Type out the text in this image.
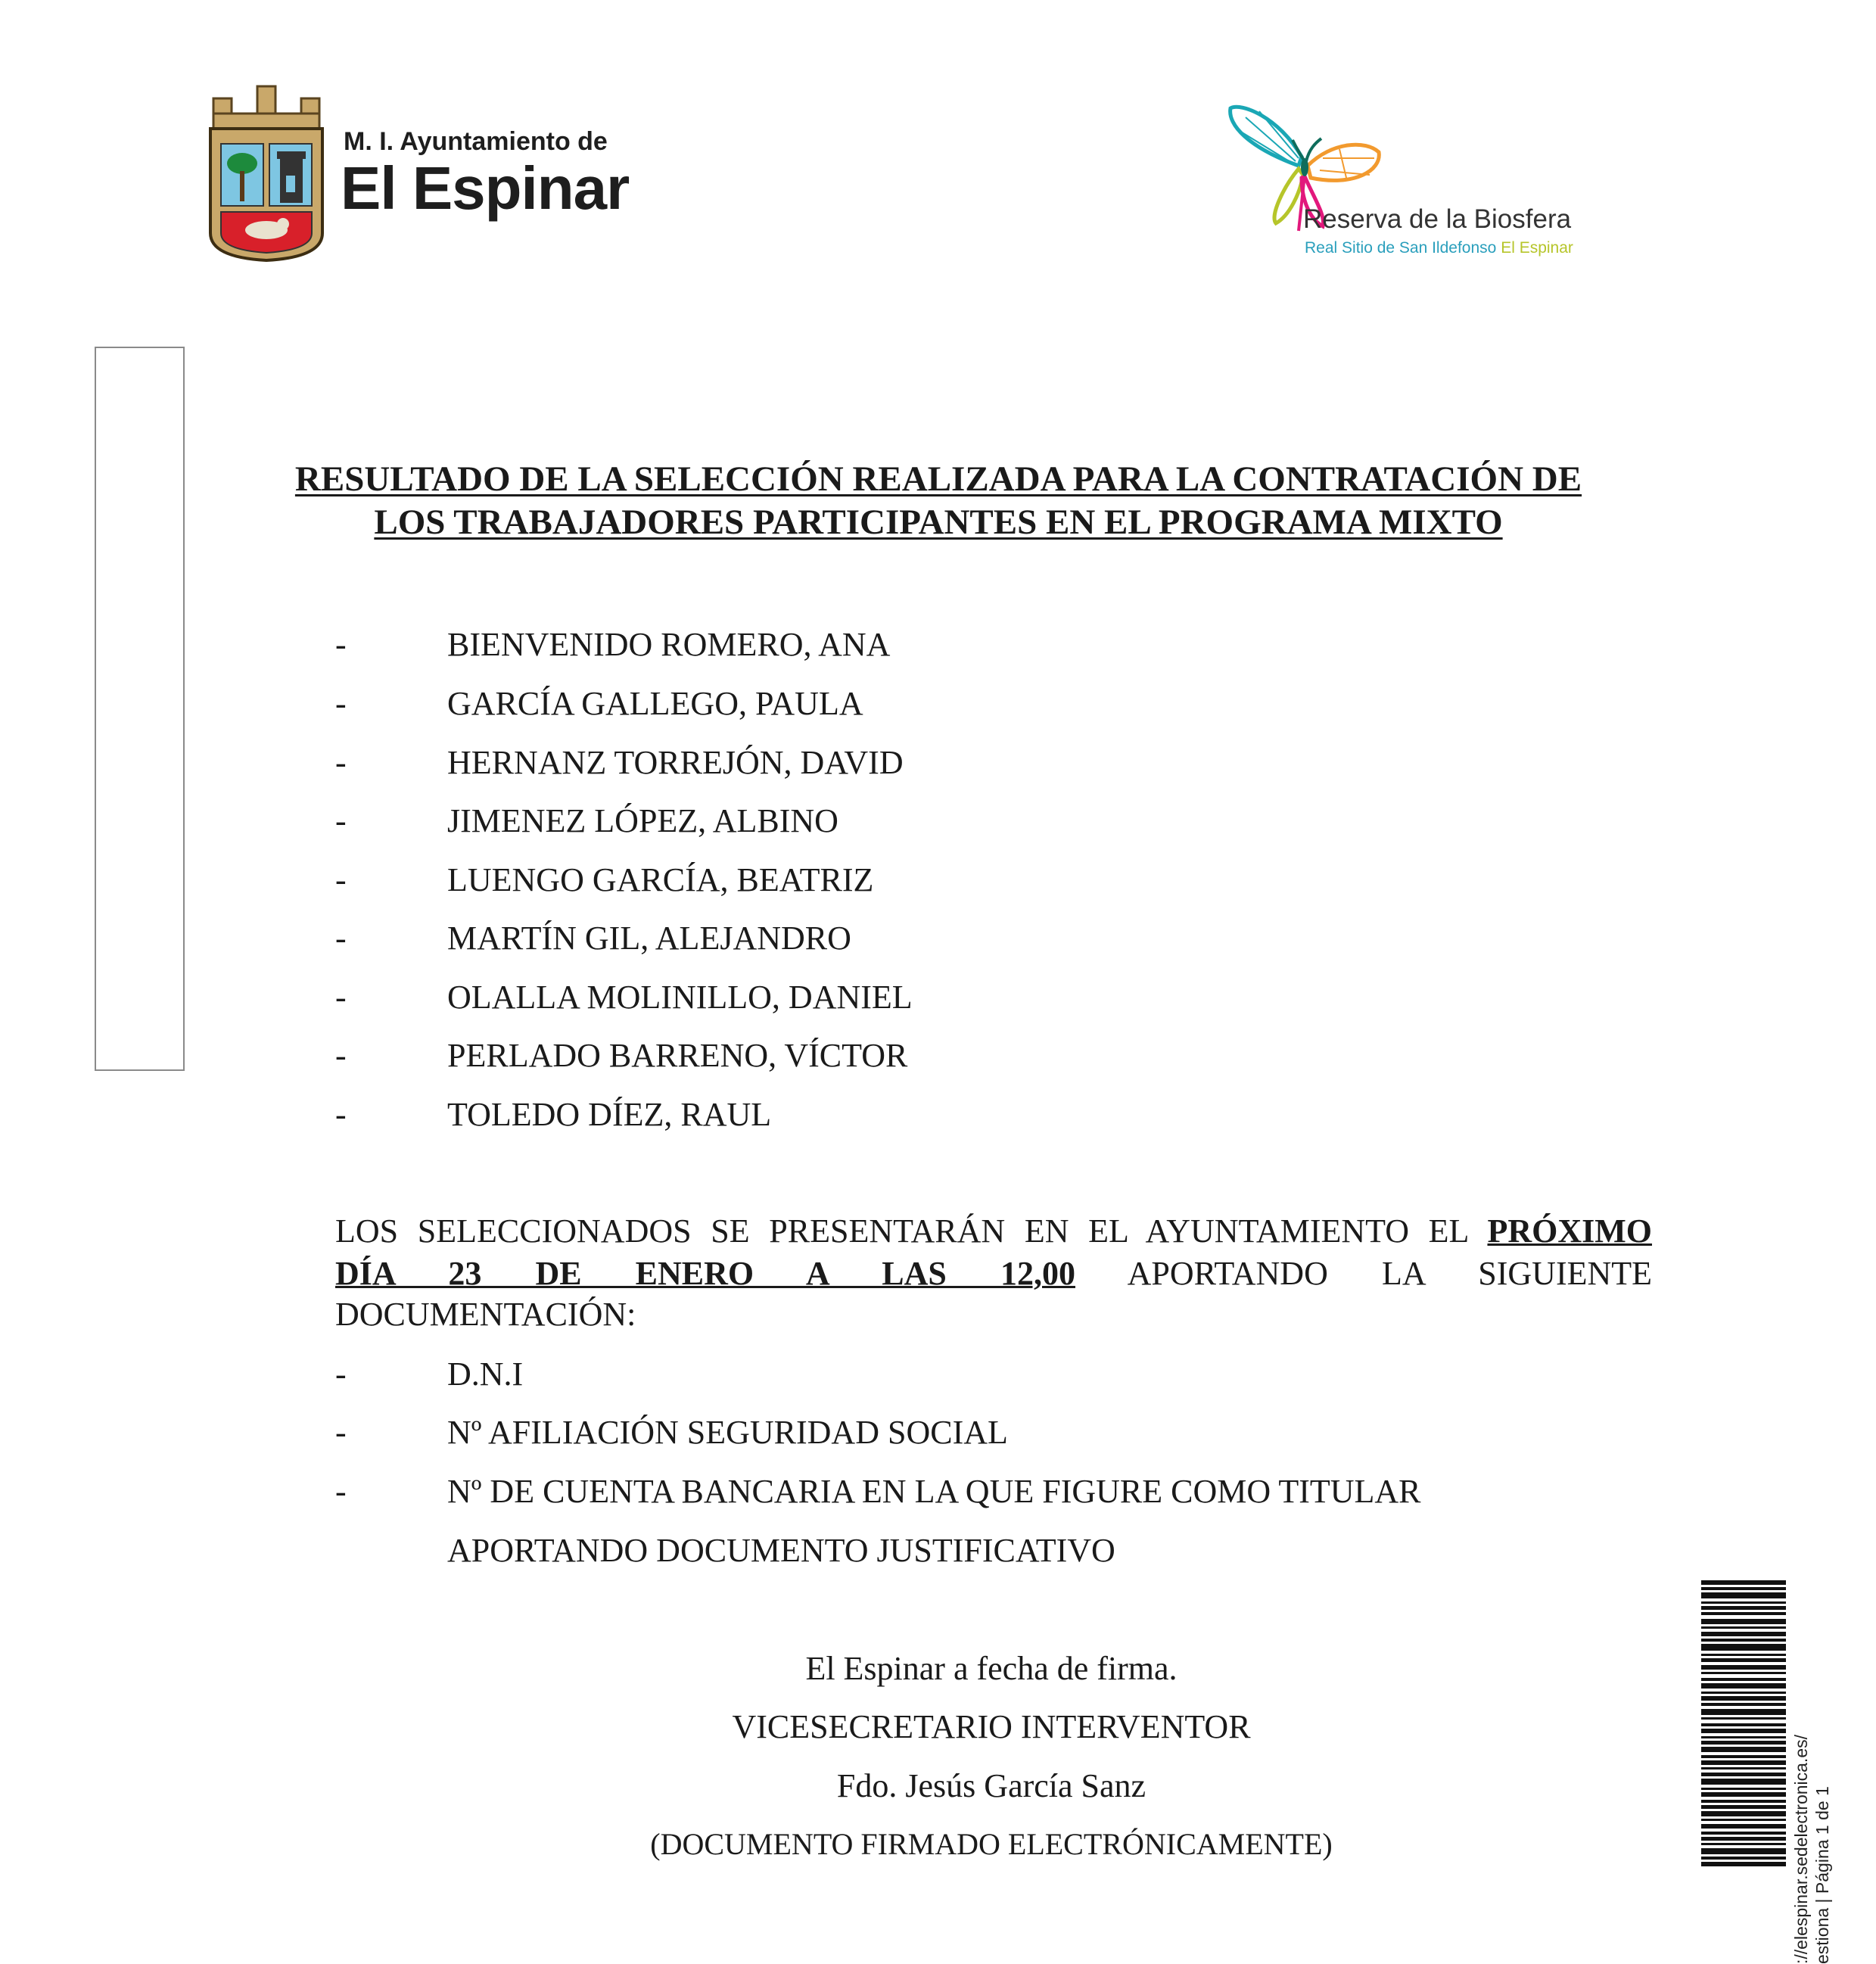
M. I. Ayuntamiento de
El Espinar	Reserva de la Biosfera
Real Sitio de San Ildefonso El Espinar
RESULTADO DE LA SELECCIÓN REALIZADA PARA LA CONTRATACIÓN DE
LOS TRABAJADORES PARTICIPANTES EN EL PROGRAMA MIXTO
-	BIENVENIDO ROMERO, ANA
-	GARCÍA GALLEGO, PAULA
-	HERNANZ TORREJÓN, DAVID
-	JIMENEZ LÓPEZ, ALBINO
-	LUENGO GARCÍA, BEATRIZ
-	MARTÍN GIL, ALEJANDRO
-	OLALLA MOLINILLO, DANIEL
-	PERLADO BARRENO, VÍCTOR
-	TOLEDO DÍEZ, RAUL
LOS SELECCIONADOS SE PRESENTARÁN EN EL AYUNTAMIENTO EL PRÓXIMO
DÍA 23 DE ENERO A LAS 12,00 APORTANDO LA SIGUIENTE
DOCUMENTACIÓN:
-	D.N.I
-	Nº AFILIACIÓN SEGURIDAD SOCIAL
-	Nº DE CUENTA BANCARIA EN LA QUE FIGURE COMO TITULAR
APORTANDO DOCUMENTO JUSTIFICATIVO
El Espinar a fecha de firma.
VICESECRETARIO INTERVENTOR
Fdo. Jesús García Sanz
(DOCUMENTO FIRMADO ELECTRÓNICAMENTE)	://elespinar.sedelectronica.es/ estiona | Página 1 de 1
